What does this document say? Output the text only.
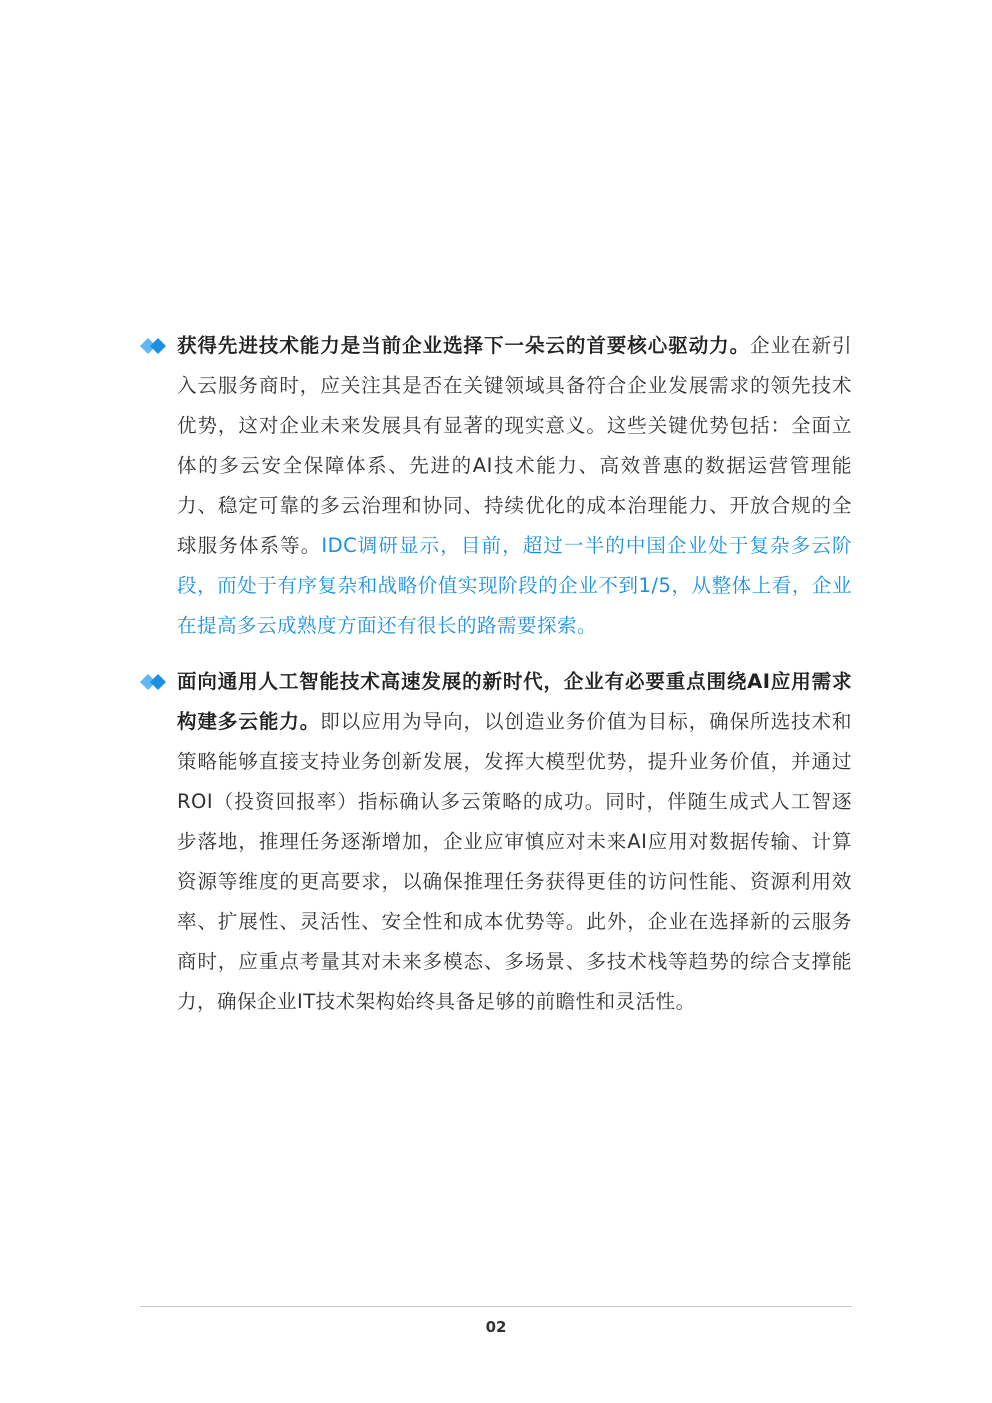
获得先进技术能力是当前企业选择下一朵云的首要核心驱动力。企业在新引入云服务商时，应关注其是否在关键领域具备符合企业发展需求的领先技术优势，这对企业未来发展具有显著的现实意义。这些关键优势包括：全面立体的多云安全保障体系、先进的AI技术能力、高效普惠的数据运营管理能力、稳定可靠的多云治理和协同、持续优化的成本治理能力、开放合规的全球服务体系等。IDC调研显示，目前，超过一半的中国企业处于复杂多云阶段，而处于有序复杂和战略价值实现阶段的企业不到1/5，从整体上看，企业在提高多云成熟度方面还有很长的路需要探索。
面向通用人工智能技术高速发展的新时代，企业有必要重点围绕AI应用需求构建多云能力。即以应用为导向，以创造业务价值为目标，确保所选技术和策略能够直接支持业务创新发展，发挥大模型优势，提升业务价值，并通过ROI（投资回报率）指标确认多云策略的成功。同时，伴随生成式人工智逐步落地，推理任务逐渐增加，企业应审慎应对未来AI应用对数据传输、计算资源等维度的更高要求，以确保推理任务获得更佳的访问性能、资源利用效率、扩展性、灵活性、安全性和成本优势等。此外，企业在选择新的云服务商时，应重点考量其对未来多模态、多场景、多技术栈等趋势的综合支撑能力，确保企业IT技术架构始终具备足够的前瞻性和灵活性。
02
